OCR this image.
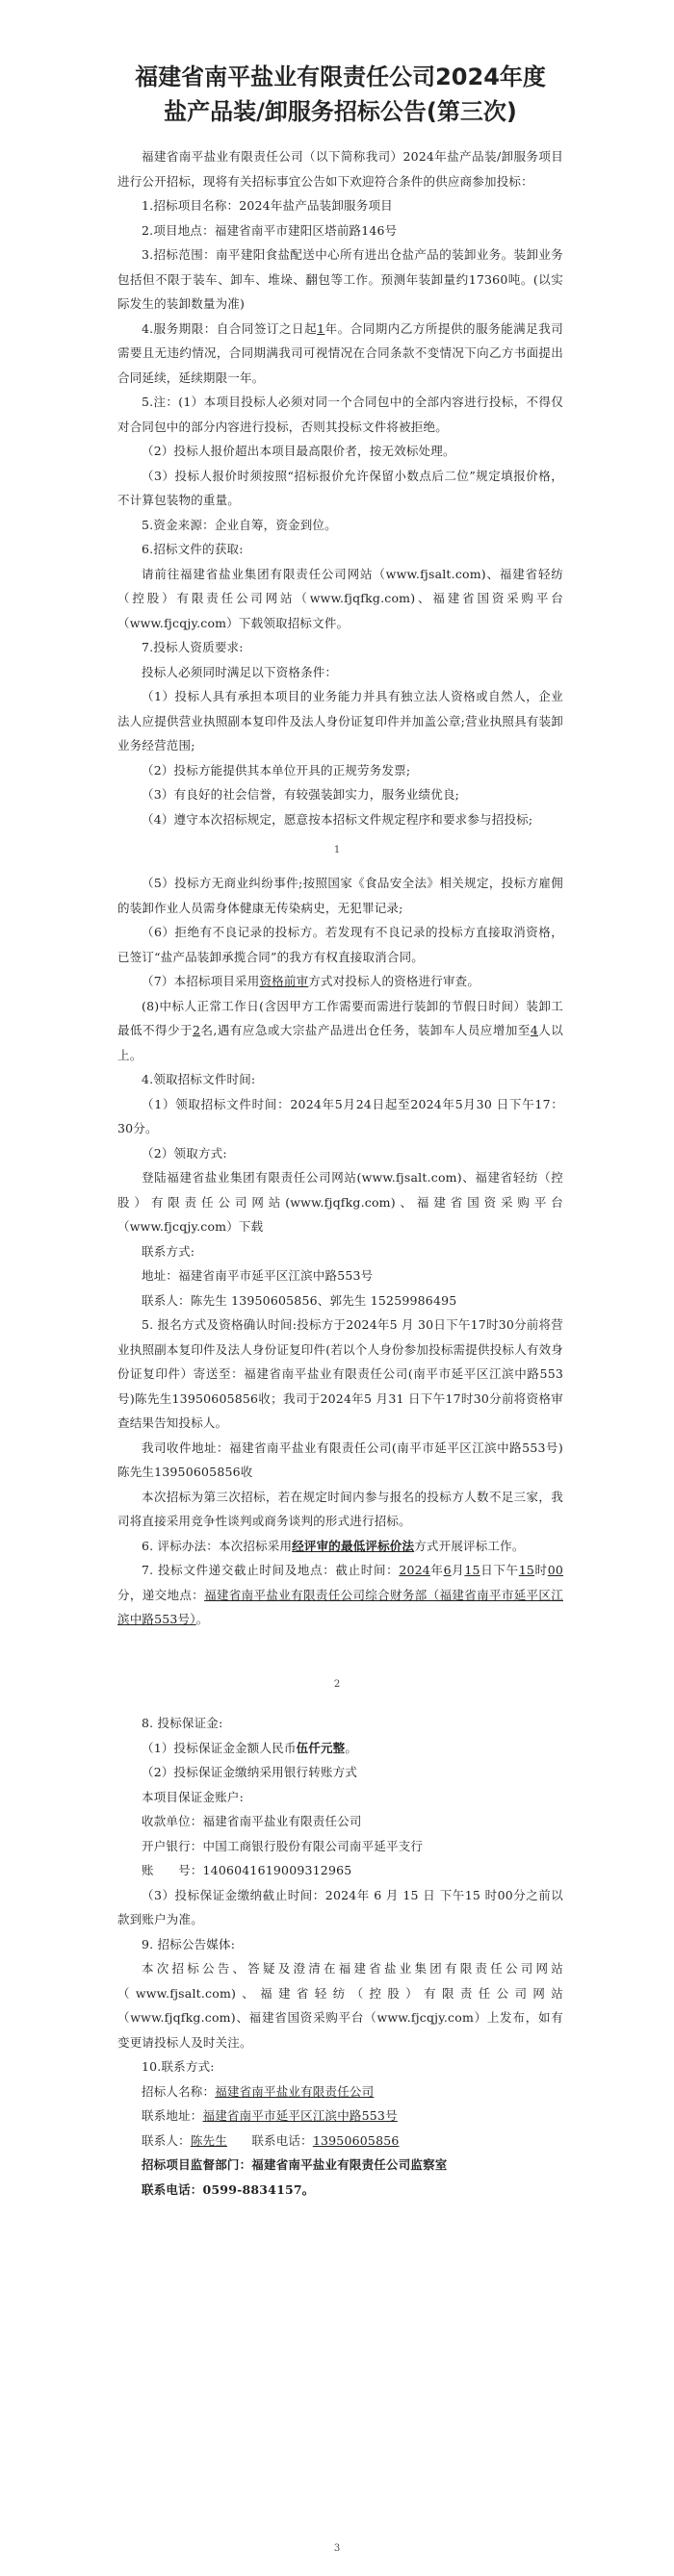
福建省南平盐业有限责任公司2024年度
盐产品装/卸服务招标公告(第三次)

福建省南平盐业有限责任公司（以下简称我司）2024年盐产品装/卸服务项目进行公开招标，现将有关招标事宜公告如下欢迎符合条件的供应商参加投标：

1.招标项目名称：2024年盐产品装卸服务项目

2.项目地点：福建省南平市建阳区塔前路146号

3.招标范围：南平建阳食盐配送中心所有进出仓盐产品的装卸业务。装卸业务包括但不限于装车、卸车、堆垛、翻包等工作。预测年装卸量约17360吨。(以实际发生的装卸数量为准)

4.服务期限：自合同签订之日起1年。合同期内乙方所提供的服务能满足我司需要且无违约情况，合同期满我司可视情况在合同条款不变情况下向乙方书面提出合同延续，延续期限一年。

5.注：(1）本项目投标人必须对同一个合同包中的全部内容进行投标，不得仅对合同包中的部分内容进行投标，否则其投标文件将被拒绝。

（2）投标人报价超出本项目最高限价者，按无效标处理。

（3）投标人报价时须按照“招标报价允许保留小数点后二位”规定填报价格，不计算包装物的重量。

5.资金来源：企业自筹，资金到位。

6.招标文件的获取:

请前往福建省盐业集团有限责任公司网站（www.fjsalt.com)、福建省轻纺（控股）有限责任公司网站（www.fjqfkg.com)、福建省国资采购平台（www.fjcqjy.com）下载领取招标文件。

7.投标人资质要求:

投标人必须同时满足以下资格条件：

（1）投标人具有承担本项目的业务能力并具有独立法人资格或自然人，企业法人应提供营业执照副本复印件及法人身份证复印件并加盖公章;营业执照具有装卸业务经营范围;

（2）投标方能提供其本单位开具的正规劳务发票;

（3）有良好的社会信誉，有较强装卸实力，服务业绩优良;

（4）遵守本次招标规定，愿意按本招标文件规定程序和要求参与招投标;

1

（5）投标方无商业纠纷事件;按照国家《食品安全法》相关规定，投标方雇佣的装卸作业人员需身体健康无传染病史，无犯罪记录;

（6）拒绝有不良记录的投标方。若发现有不良记录的投标方直接取消资格，已签订“盐产品装卸承揽合同”的我方有权直接取消合同。

（7）本招标项目采用资格前审方式对投标人的资格进行审查。

(8)中标人正常工作日(含因甲方工作需要而需进行装卸的节假日时间）装卸工最低不得少于2名,遇有应急或大宗盐产品进出仓任务，装卸车人员应增加至4人以上。

4.领取招标文件时间:

（1）领取招标文件时间：2024年5月24日起至2024年5月30 日下午17：30分。

（2）领取方式:

登陆福建省盐业集团有限责任公司网站(www.fjsalt.com)、福建省轻纺（控股）有限责任公司网站(www.fjqfkg.com)、福建省国资采购平台（www.fjcqjy.com）下载

联系方式:

地址：福建省南平市延平区江滨中路553号

联系人：陈先生 13950605856、郭先生 15259986495

5. 报名方式及资格确认时间:投标方于2024年5 月 30日下午17时30分前将营业执照副本复印件及法人身份证复印件(若以个人身份参加投标需提供投标人有效身份证复印件）寄送至：福建省南平盐业有限责任公司(南平市延平区江滨中路553号)陈先生13950605856收；我司于2024年5 月31 日下午17时30分前将资格审查结果告知投标人。

我司收件地址：福建省南平盐业有限责任公司(南平市延平区江滨中路553号)陈先生13950605856收

本次招标为第三次招标，若在规定时间内参与报名的投标方人数不足三家，我司将直接采用竞争性谈判或商务谈判的形式进行招标。

6. 评标办法：本次招标采用经评审的最低评标价法方式开展评标工作。

7. 投标文件递交截止时间及地点：截止时间：2024年6月15日下午15时00分，递交地点：福建省南平盐业有限责任公司综合财务部（福建省南平市延平区江滨中路553号）。

2

8. 投标保证金:

（1）投标保证金金额人民币伍仟元整。

（2）投标保证金缴纳采用银行转账方式

本项目保证金账户:

收款单位：福建省南平盐业有限责任公司

开户银行：中国工商银行股份有限公司南平延平支行

账　　号：1406041619009312965

（3）投标保证金缴纳截止时间：2024年 6 月 15 日 下午15 时00分之前以款到账户为准。

9. 招标公告媒体:

本次招标公告、答疑及澄清在福建省盐业集团有限责任公司网站（www.fjsalt.com)、福建省轻纺（控股）有限责任公司网站（www.fjqfkg.com)、福建省国资采购平台（www.fjcqjy.com）上发布，如有变更请投标人及时关注。

10.联系方式:

招标人名称：福建省南平盐业有限责任公司

联系地址：福建省南平市延平区江滨中路553号

联系人：陈先生　　 联系电话：13950605856

招标项目监督部门：福建省南平盐业有限责任公司监察室

联系电话：0599-8834157。

3
